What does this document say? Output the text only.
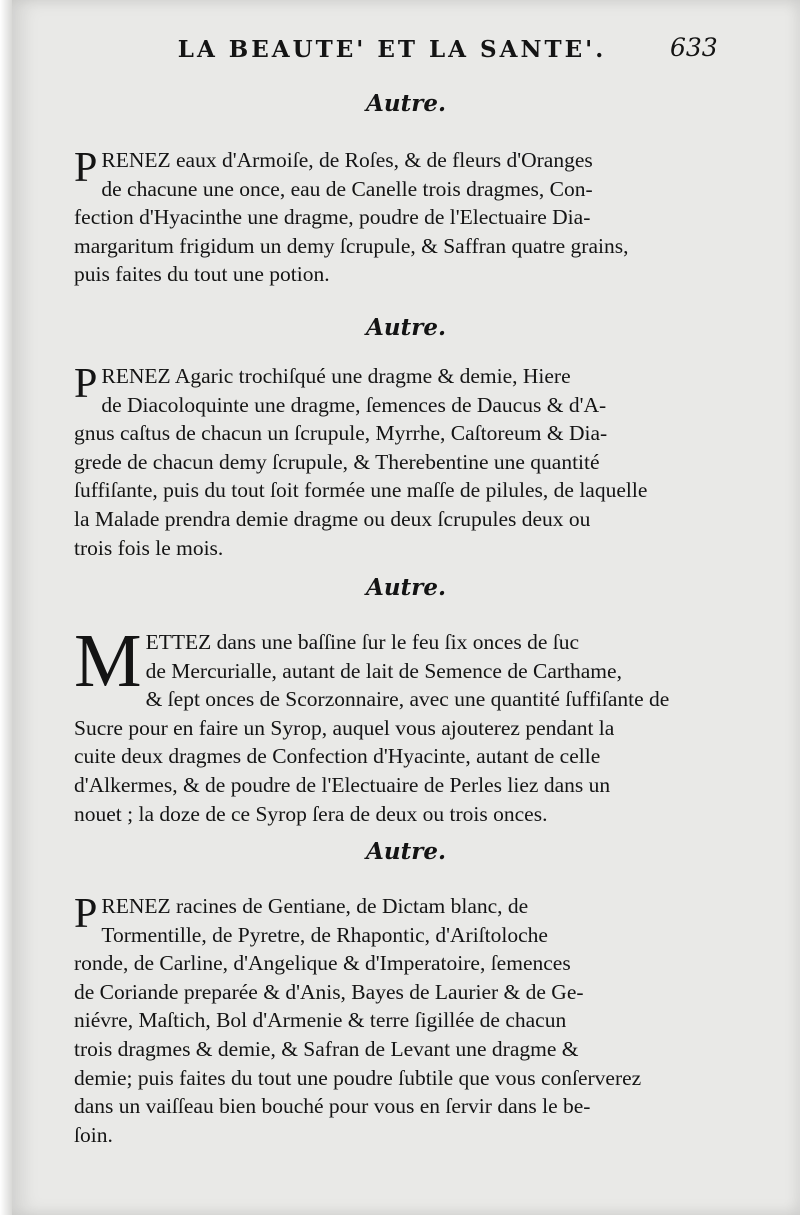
LA BEAUTE' ET LA SANTE'.	633
Autre.
P RENEZ eaux d'Armoiſe, de Roſes, & de fleurs d'Oranges
de chacune une once, eau de Canelle trois dragmes, Con-
fection d'Hyacinthe une dragme, poudre de l'Electuaire Dia-
margaritum frigidum un demy ſcrupule, & Saffran quatre grains,
puis faites du tout une potion.
Autre.
P RENEZ Agaric trochiſqué une dragme & demie, Hiere
de Diacoloquinte une dragme, ſemences de Daucus & d'A-
gnus caſtus de chacun un ſcrupule, Myrrhe, Caſtoreum & Dia-
grede de chacun demy ſcrupule, & Therebentine une quantité
ſuffiſante, puis du tout ſoit formée une maſſe de pilules, de laquelle
la Malade prendra demie dragme ou deux ſcrupules deux ou
trois fois le mois.
Autre.
M ETTEZ dans une baſſine ſur le feu ſix onces de ſuc
de Mercurialle, autant de lait de Semence de Carthame,
& ſept onces de Scorzonnaire, avec une quantité ſuffiſante de
Sucre pour en faire un Syrop, auquel vous ajouterez pendant la
cuite deux dragmes de Confection d'Hyacinte, autant de celle
d'Alkermes, & de poudre de l'Electuaire de Perles liez dans un
nouet ; la doze de ce Syrop ſera de deux ou trois onces.
Autre.
P RENEZ racines de Gentiane, de Dictam blanc, de
Tormentille, de Pyretre, de Rhapontic, d'Ariſtoloche
ronde, de Carline, d'Angelique & d'Imperatoire, ſemences
de Coriande preparée & d'Anis, Bayes de Laurier & de Ge-
niévre, Maſtich, Bol d'Armenie & terre ſigillée de chacun
trois dragmes & demie, & Safran de Levant une dragme &
demie; puis faites du tout une poudre ſubtile que vous conſerverez
dans un vaiſſeau bien bouché pour vous en ſervir dans le be-
ſoin.
